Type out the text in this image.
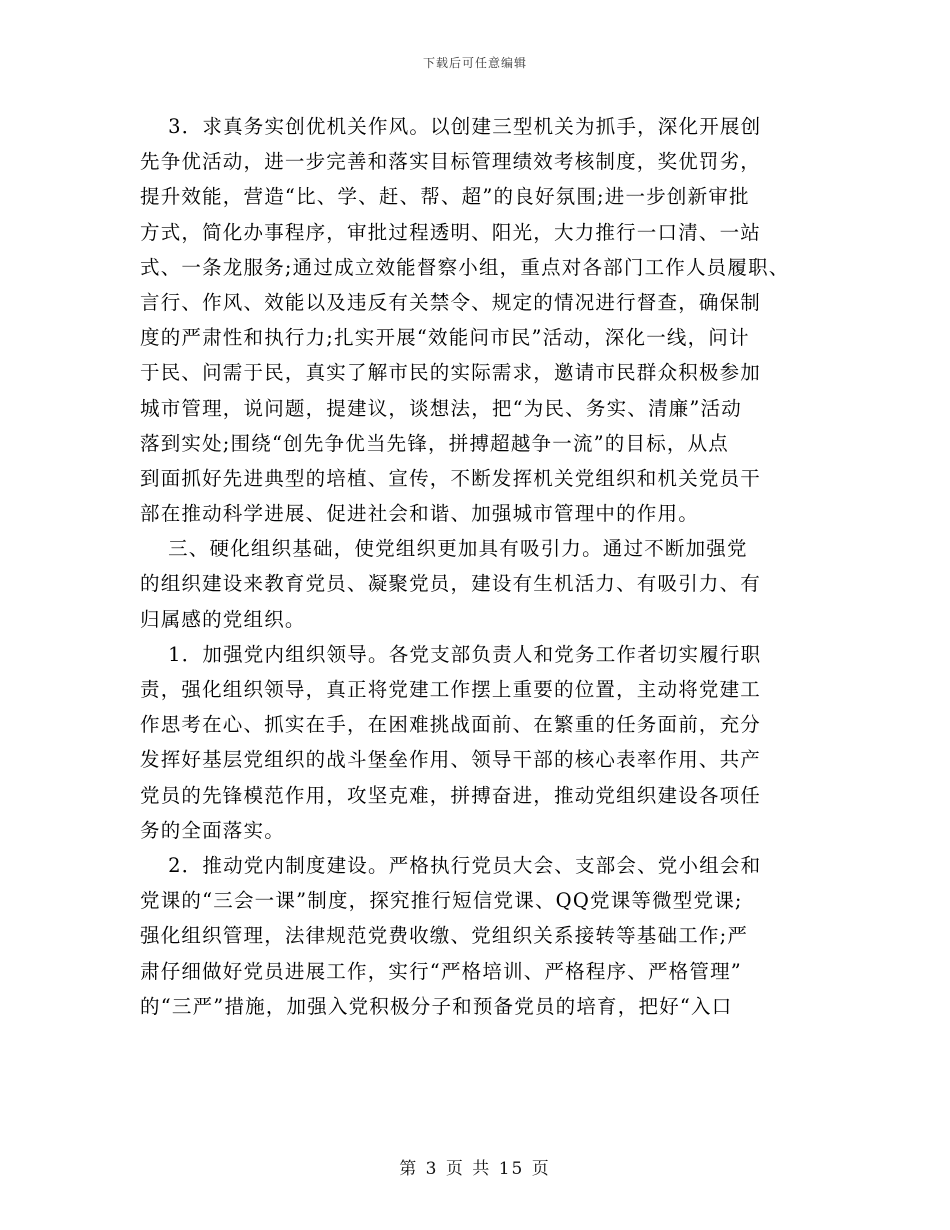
下载后可任意编辑
　 3．求真务实创优机关作风。以创建三型机关为抓手，深化开展创
先争优活动，进一步完善和落实目标管理绩效考核制度，奖优罚劣，
提升效能，营造“比、学、赶、帮、超”的良好氛围;进一步创新审批
方式，简化办事程序，审批过程透明、阳光，大力推行一口清、一站
式、一条龙服务;通过成立效能督察小组，重点对各部门工作人员履职、
言行、作风、效能以及违反有关禁令、规定的情况进行督查，确保制
度的严肃性和执行力;扎实开展“效能问市民”活动，深化一线，问计
于民、问需于民，真实了解市民的实际需求，邀请市民群众积极参加
城市管理，说问题，提建议，谈想法，把“为民、务实、清廉”活动
落到实处;围绕“创先争优当先锋，拼搏超越争一流”的目标，从点
到面抓好先进典型的培植、宣传，不断发挥机关党组织和机关党员干
部在推动科学进展、促进社会和谐、加强城市管理中的作用。
　 三、硬化组织基础，使党组织更加具有吸引力。通过不断加强党
的组织建设来教育党员、凝聚党员，建设有生机活力、有吸引力、有
归属感的党组织。
　 1．加强党内组织领导。各党支部负责人和党务工作者切实履行职
责，强化组织领导，真正将党建工作摆上重要的位置，主动将党建工
作思考在心、抓实在手，在困难挑战面前、在繁重的任务面前，充分
发挥好基层党组织的战斗堡垒作用、领导干部的核心表率作用、共产
党员的先锋模范作用，攻坚克难，拼搏奋进，推动党组织建设各项任
务的全面落实。
　 2．推动党内制度建设。严格执行党员大会、支部会、党小组会和
党课的“三会一课”制度，探究推行短信党课、QQ党课等微型党课;
强化组织管理，法律规范党费收缴、党组织关系接转等基础工作;严
肃仔细做好党员进展工作，实行“严格培训、严格程序、严格管理”
的“三严”措施，加强入党积极分子和预备党员的培育，把好“入口
第 3 页 共 15 页
